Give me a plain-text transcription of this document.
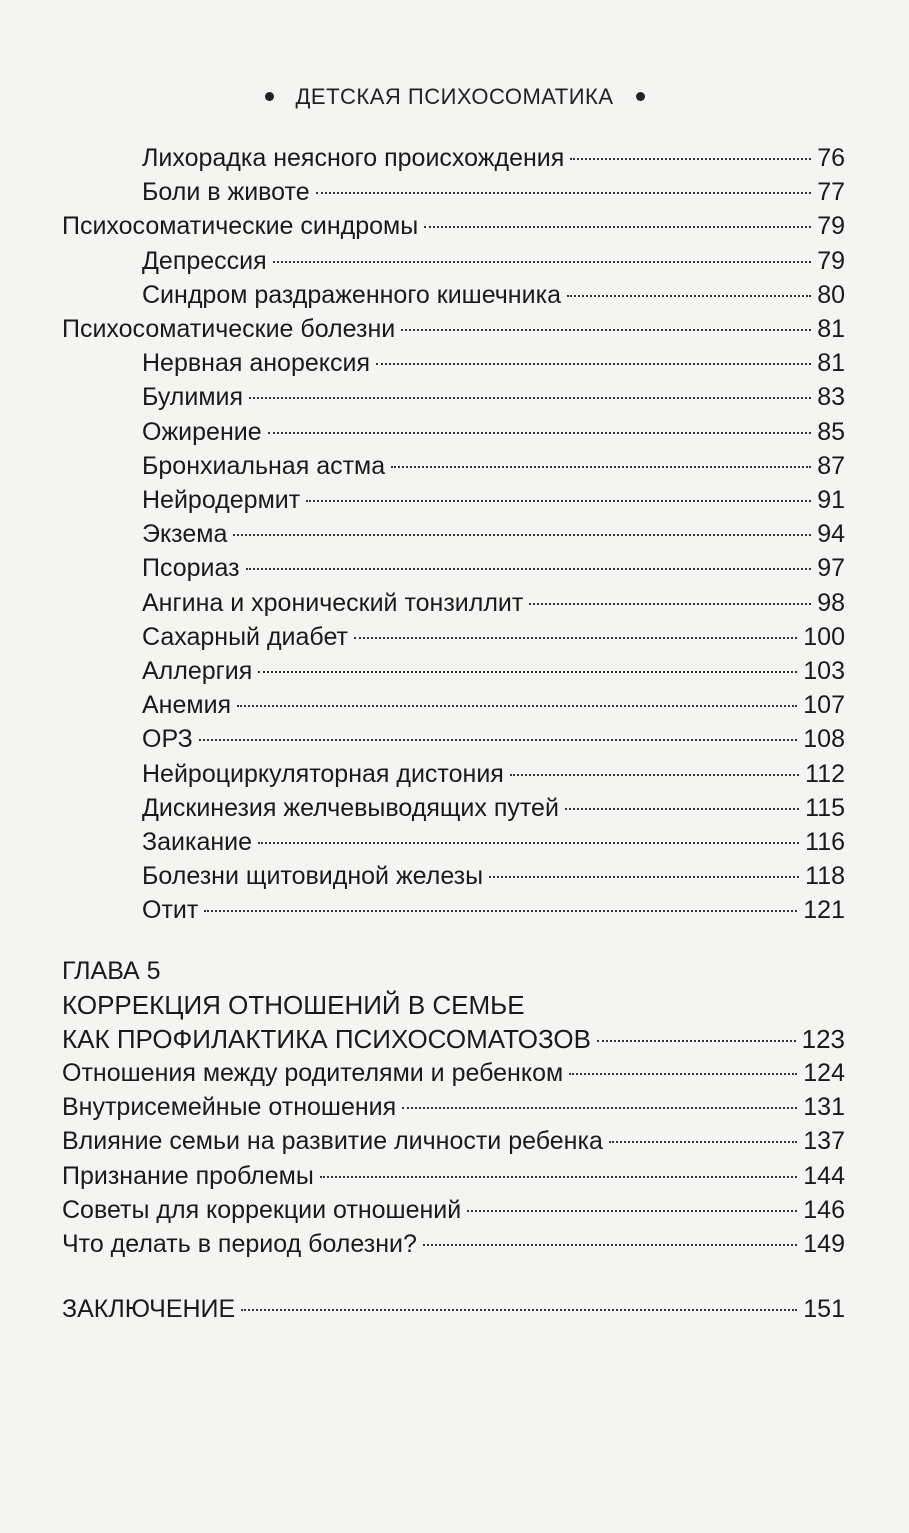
ДЕТСКАЯ ПСИХОСОМАТИКА
Лихорадка неясного происхождения	76
Боли в животе	77
Психосоматические синдромы	79
Депрессия	79
Синдром раздраженного кишечника	80
Психосоматические болезни	81
Нервная анорексия	81
Булимия	83
Ожирение	85
Бронхиальная астма	87
Нейродермит	91
Экзема	94
Псориаз	97
Ангина и хронический тонзиллит	98
Сахарный диабет	100
Аллергия	103
Анемия	107
ОРЗ	108
Нейроциркуляторная дистония	112
Дискинезия желчевыводящих путей	115
Заикание	116
Болезни щитовидной железы	118
Отит	121
ГЛАВА 5
КОРРЕКЦИЯ ОТНОШЕНИЙ В СЕМЬЕ
КАК ПРОФИЛАКТИКА ПСИХОСОМАТОЗОВ	123
Отношения между родителями и ребенком	124
Внутрисемейные отношения	131
Влияние семьи на развитие личности ребенка	137
Признание проблемы	144
Советы для коррекции отношений	146
Что делать в период болезни?	149
ЗАКЛЮЧЕНИЕ	151
